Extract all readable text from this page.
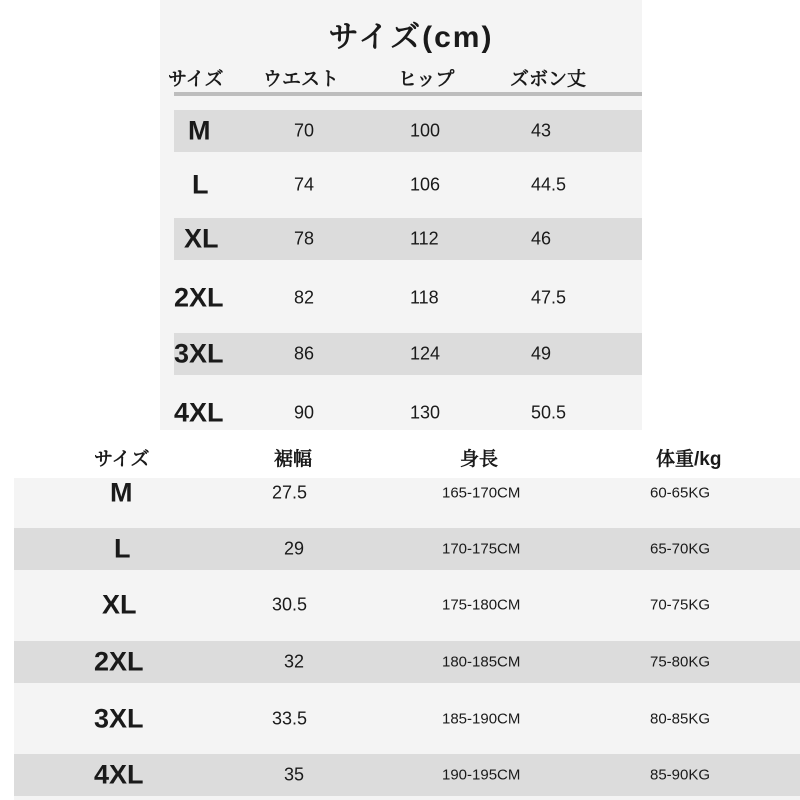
サイズ(cm)
サイズ ウエスト	ヒップ	ズボン丈
M	70	100	43
L	74	106	44.5
XL	78	112	46
2XL	82	118	47.5
3XL	86	124	49
4XL	90	130	50.5
サイズ	裾幅	身長	体重/kg
M	27.5	165-170CM	60-65KG
L	29	170-175CM	65-70KG
XL	30.5	175-180CM	70-75KG
2XL	32	180-185CM	75-80KG
3XL	33.5	185-190CM	80-85KG
4XL	35	190-195CM	85-90KG
